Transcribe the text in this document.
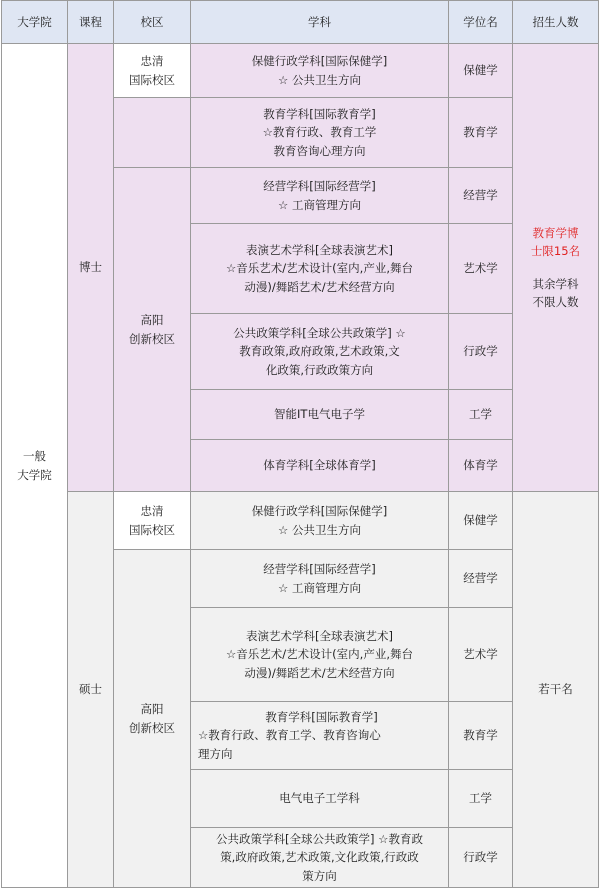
大学院	课程	校区	学科	学位名	招生人数

一般
大学院	博士	忠清
国际校区	保健行政学科[国际保健学]
☆ 公共卫生方向	保健学	教育学博
士限15名
其余学科
不限人数

			教育学科[国际教育学]
☆教育行政、教育工学
教育咨询心理方向	教育学	

		高阳
创新校区	经营学科[国际经营学]
☆ 工商管理方向	经营学	

			表演艺术学科[全球表演艺术]
☆音乐艺术/艺术设计(室内,产业,舞台
动漫)/舞蹈艺术/艺术经营方向	艺术学	

			公共政策学科[全球公共政策学] ☆
教育政策,政府政策,艺术政策,文
化政策,行政政策方向	行政学	

			智能IT电气电子学	工学	

			体育学科[全球体育学]	体育学	
	硕士	忠清
国际校区	保健行政学科[国际保健学]
☆ 公共卫生方向	保健学	若干名

		高阳
创新校区	经营学科[国际经营学]
☆ 工商管理方向	经营学	

			表演艺术学科[全球表演艺术]
☆音乐艺术/艺术设计(室内,产业,舞台
动漫)/舞蹈艺术/艺术经营方向	艺术学	

			教育学科[国际教育学]
☆教育行政、教育工学、教育咨询心
理方向	教育学	

			电气电子工学科	工学	

			公共政策学科[全球公共政策学] ☆教育政
策,政府政策,艺术政策,文化政策,行政政
策方向	行政学	
